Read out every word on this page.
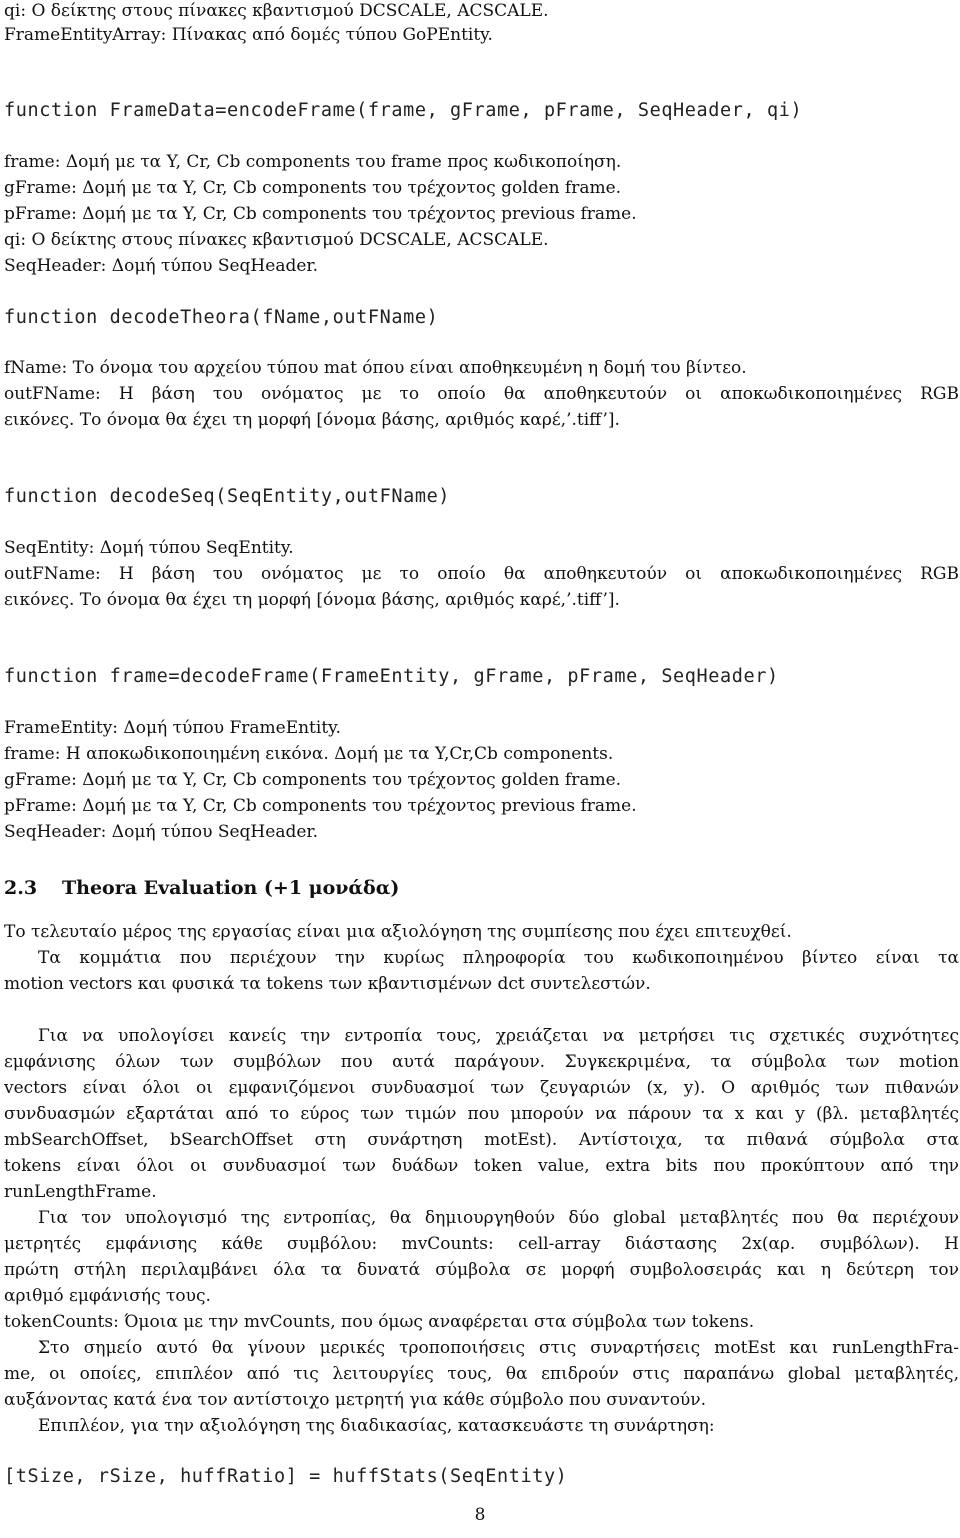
qi: Ο δείκτης στους πίνακες κβαντισμού DCSCALE, ACSCALE.
FrameEntityArray: Πίνακας από δομές τύπου GoPEntity.
function FrameData=encodeFrame(frame, gFrame, pFrame, SeqHeader, qi)
frame: Δομή με τα Y, Cr, Cb components του frame προς κωδικοποίηση.
gFrame: Δομή με τα Y, Cr, Cb components του τρέχοντος golden frame.
pFrame: Δομή με τα Y, Cr, Cb components του τρέχοντος previous frame.
qi: Ο δείκτης στους πίνακες κβαντισμού DCSCALE, ACSCALE.
SeqHeader: Δομή τύπου SeqHeader.
function decodeTheora(fName,outFName)
fName: Το όνομα του αρχείου τύπου mat όπου είναι αποθηκευμένη η δομή του βίντεο.
outFName: Η βάση του ονόματος με το οποίο θα αποθηκευτούν οι αποκωδικοποιημένες RGB
εικόνες. Το όνομα θα έχει τη μορφή [όνομα βάσης, αριθμός καρέ,’.tiff’].
function decodeSeq(SeqEntity,outFName)
SeqEntity: Δομή τύπου SeqEntity.
outFName: Η βάση του ονόματος με το οποίο θα αποθηκευτούν οι αποκωδικοποιημένες RGB
εικόνες. Το όνομα θα έχει τη μορφή [όνομα βάσης, αριθμός καρέ,’.tiff’].
function frame=decodeFrame(FrameEntity, gFrame, pFrame, SeqHeader)
FrameEntity: Δομή τύπου FrameEntity.
frame: Η αποκωδικοποιημένη εικόνα. Δομή με τα Y,Cr,Cb components.
gFrame: Δομή με τα Y, Cr, Cb components του τρέχοντος golden frame.
pFrame: Δομή με τα Y, Cr, Cb components του τρέχοντος previous frame.
SeqHeader: Δομή τύπου SeqHeader.
2.3 Theora Evaluation (+1 μονάδα)
Το τελευταίο μέρος της εργασίας είναι μια αξιολόγηση της συμπίεσης που έχει επιτευχθεί.
Τα κομμάτια που περιέχουν την κυρίως πληροφορία του κωδικοποιημένου βίντεο είναι τα
motion vectors και φυσικά τα tokens των κβαντισμένων dct συντελεστών.
Για να υπολογίσει κανείς την εντροπία τους, χρειάζεται να μετρήσει τις σχετικές συχνότητες
εμφάνισης όλων των συμβόλων που αυτά παράγουν. Συγκεκριμένα, τα σύμβολα των motion
vectors είναι όλοι οι εμφανιζόμενοι συνδυασμοί των ζευγαριών (x, y). Ο αριθμός των πιθανών
συνδυασμών εξαρτάται από το εύρος των τιμών που μπορούν να πάρουν τα x και y (βλ. μεταβλητές
mbSearchOffset, bSearchOffset στη συνάρτηση motEst). Αντίστοιχα, τα πιθανά σύμβολα στα
tokens είναι όλοι οι συνδυασμοί των δυάδων token value, extra bits που προκύπτουν από την
runLengthFrame.
Για τον υπολογισμό της εντροπίας, θα δημιουργηθούν δύο global μεταβλητές που θα περιέχουν
μετρητές εμφάνισης κάθε συμβόλου: mvCounts: cell-array διάστασης 2x(αρ. συμβόλων). Η
πρώτη στήλη περιλαμβάνει όλα τα δυνατά σύμβολα σε μορφή συμβολοσειράς και η δεύτερη τον
αριθμό εμφάνισής τους.
tokenCounts: Όμοια με την mvCounts, που όμως αναφέρεται στα σύμβολα των tokens.
Στο σημείο αυτό θα γίνουν μερικές τροποποιήσεις στις συναρτήσεις motEst και runLengthFra-
me, οι οποίες, επιπλέον από τις λειτουργίες τους, θα επιδρούν στις παραπάνω global μεταβλητές,
αυξάνοντας κατά ένα τον αντίστοιχο μετρητή για κάθε σύμβολο που συναντούν.
Επιπλέον, για την αξιολόγηση της διαδικασίας, κατασκευάστε τη συνάρτηση:
[tSize, rSize, huffRatio] = huffStats(SeqEntity)
8
